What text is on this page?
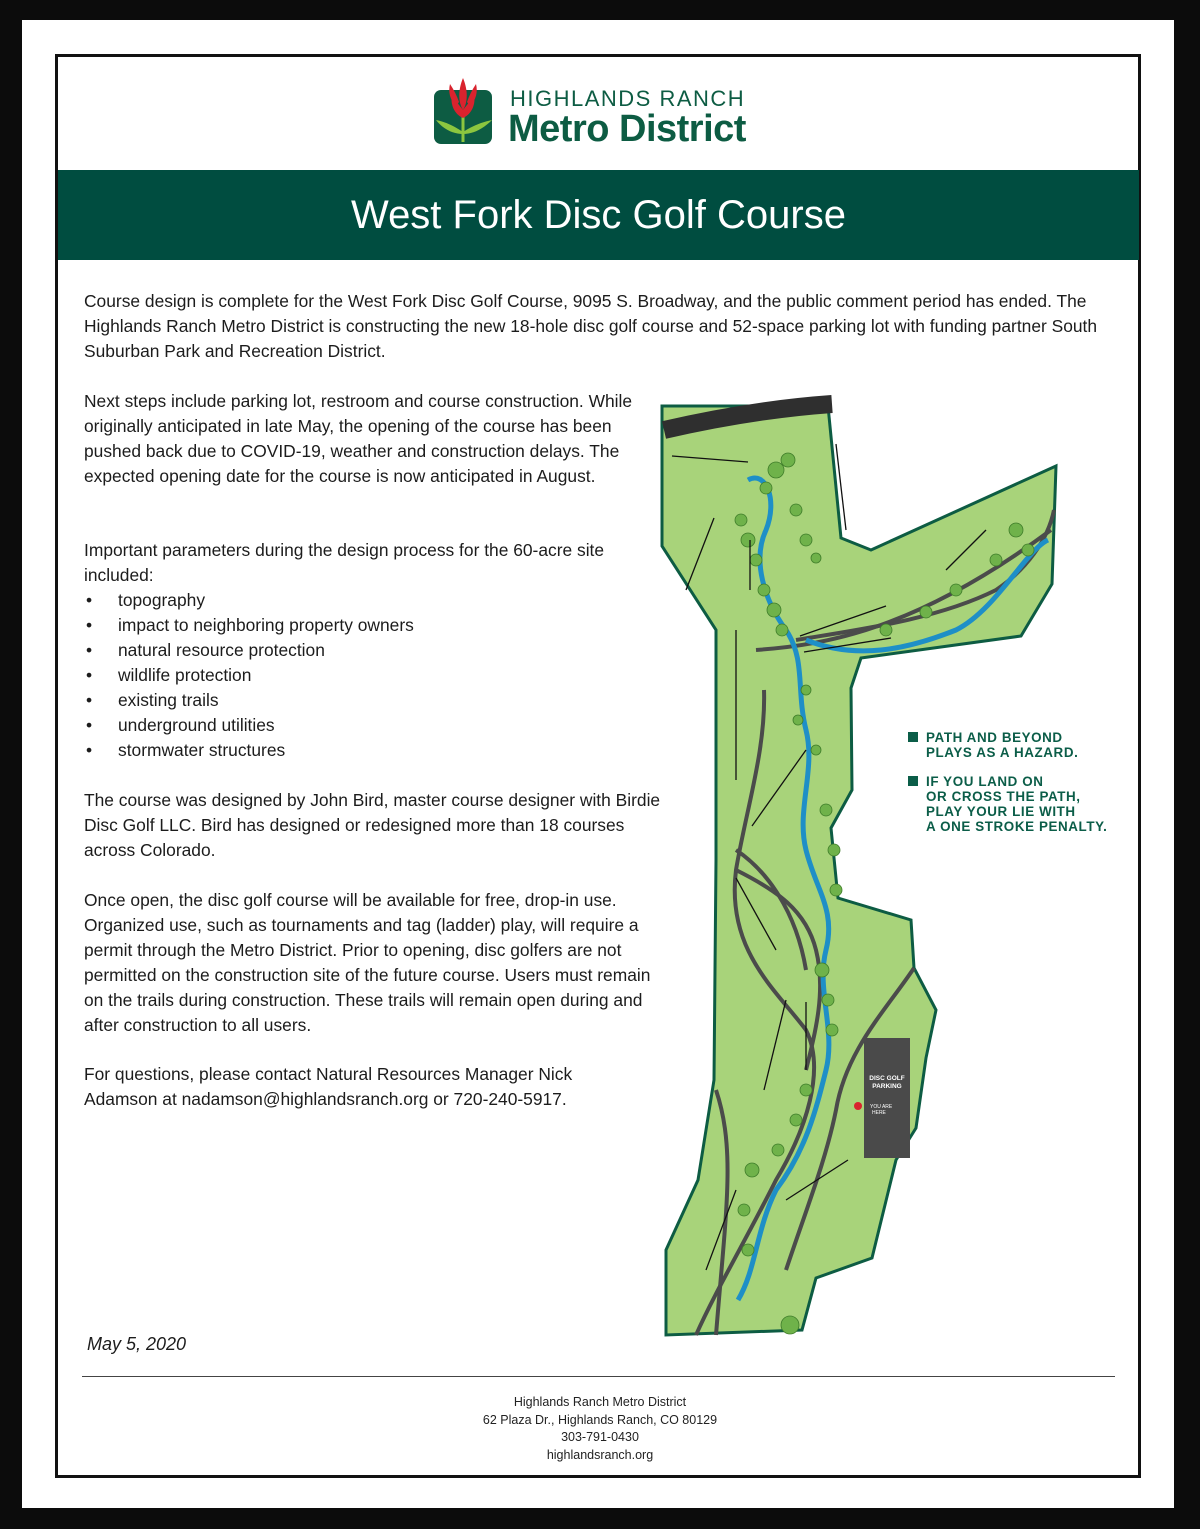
HIGHLANDS RANCH
Metro District
West Fork Disc Golf Course
Course design is complete for the West Fork Disc Golf Course, 9095 S. Broadway, and the public comment period has ended. The Highlands Ranch Metro District is constructing the new 18-hole disc golf course and 52-space parking lot with funding partner South Suburban Park and Recreation District.
Next steps include parking lot, restroom and course construction. While originally anticipated in late May, the opening of the course has been pushed back due to COVID-19, weather and construction delays. The expected opening date for the course is now anticipated in August.
Important parameters during the design process for the 60-acre site included:
• topography
• impact to neighboring property owners
• natural resource protection
• wildlife protection
• existing trails
• underground utilities
• stormwater structures
The course was designed by John Bird, master course designer with Birdie Disc Golf LLC. Bird has designed or redesigned more than 18 courses across Colorado.
Once open, the disc golf course will be available for free, drop-in use. Organized use, such as tournaments and tag (ladder) play, will require a permit through the Metro District. Prior to opening, disc golfers are not permitted on the construction site of the future course. Users must remain on the trails during construction. These trails will remain open during and after construction to all users.
For questions, please contact Natural Resources Manager Nick Adamson at nadamson@highlandsranch.org or 720-240-5917.
DISC GOLF
PARKING
YOU ARE
HERE
PATH AND BEYOND
PLAYS AS A HAZARD.
IF YOU LAND ON
OR CROSS THE PATH,
PLAY YOUR LIE WITH
A ONE STROKE PENALTY.
May 5, 2020
Highlands Ranch Metro District
62 Plaza Dr., Highlands Ranch, CO 80129
303-791-0430
highlandsranch.org
